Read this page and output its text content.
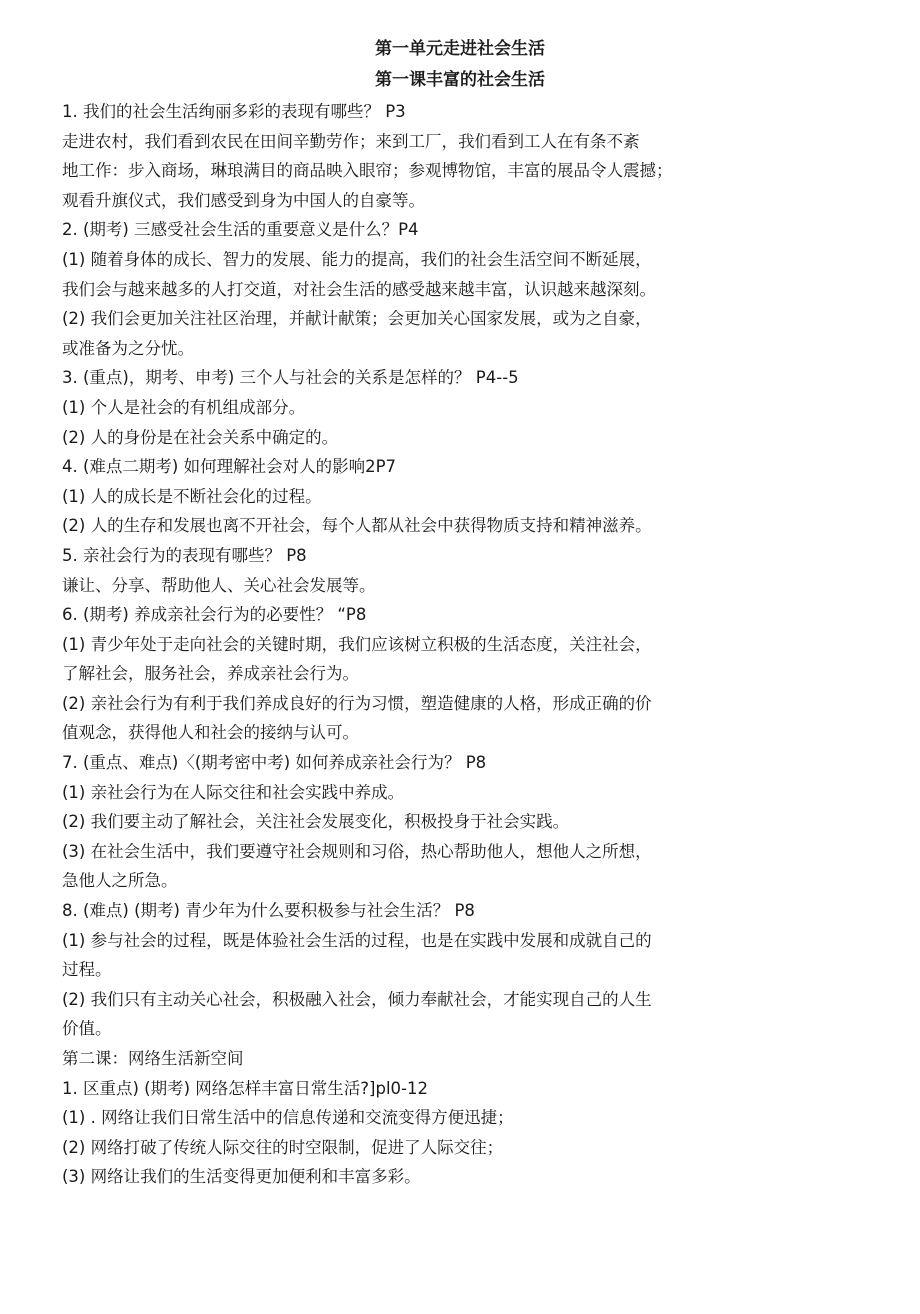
第一单元走进社会生活
第一课丰富的社会生活
1. 我们的社会生活绚丽多彩的表现有哪些？ P3
走进农村，我们看到农民在田间辛勤劳作；来到工厂，我们看到工人在有条不紊
地工作：步入商场，琳琅满目的商品映入眼帘；参观博物馆，丰富的展品令人震撼；
观看升旗仪式，我们感受到身为中国人的自豪等。
2. (期考) 三感受社会生活的重要意义是什么？P4
(1) 随着身体的成长、智力的发展、能力的提高，我们的社会生活空间不断延展，
我们会与越来越多的人打交道，对社会生活的感受越来越丰富，认识越来越深刻。
(2) 我们会更加关注社区治理，并献计献策；会更加关心国家发展，或为之自豪，
或准备为之分忧。
3. (重点)，期考、申考) 三个人与社会的关系是怎样的？ P4--5
(1) 个人是社会的有机组成部分。
(2) 人的身份是在社会关系中确定的。
4. (难点二期考) 如何理解社会对人的影响2P7
(1) 人的成长是不断社会化的过程。
(2) 人的生存和发展也离不开社会，每个人都从社会中获得物质支持和精神滋养。
5. 亲社会行为的表现有哪些？ P8
谦让、分享、帮助他人、关心社会发展等。
6. (期考) 养成亲社会行为的必要性？ “P8
(1) 青少年处于走向社会的关键时期，我们应该树立积极的生活态度，关注社会，
了解社会，服务社会，养成亲社会行为。
(2) 亲社会行为有利于我们养成良好的行为习惯，塑造健康的人格，形成正确的价
值观念，获得他人和社会的接纳与认可。
7. (重点、难点)〈(期考密中考) 如何养成亲社会行为？ P8
(1) 亲社会行为在人际交往和社会实践中养成。
(2) 我们要主动了解社会，关注社会发展变化，积极投身于社会实践。
(3) 在社会生活中，我们要遵守社会规则和习俗，热心帮助他人，想他人之所想，
急他人之所急。
8. (难点) (期考) 青少年为什么要积极参与社会生活？ P8
(1) 参与社会的过程，既是体验社会生活的过程，也是在实践中发展和成就自己的
过程。
(2) 我们只有主动关心社会，积极融入社会，倾力奉献社会，才能实现自己的人生
价值。
第二课：网络生活新空间
1. 区重点) (期考) 网络怎样丰富日常生活?]pl0-12
(1) . 网络让我们日常生活中的信息传递和交流变得方便迅捷；
(2) 网络打破了传统人际交往的时空限制，促进了人际交往；
(3) 网络让我们的生活变得更加便利和丰富多彩。
